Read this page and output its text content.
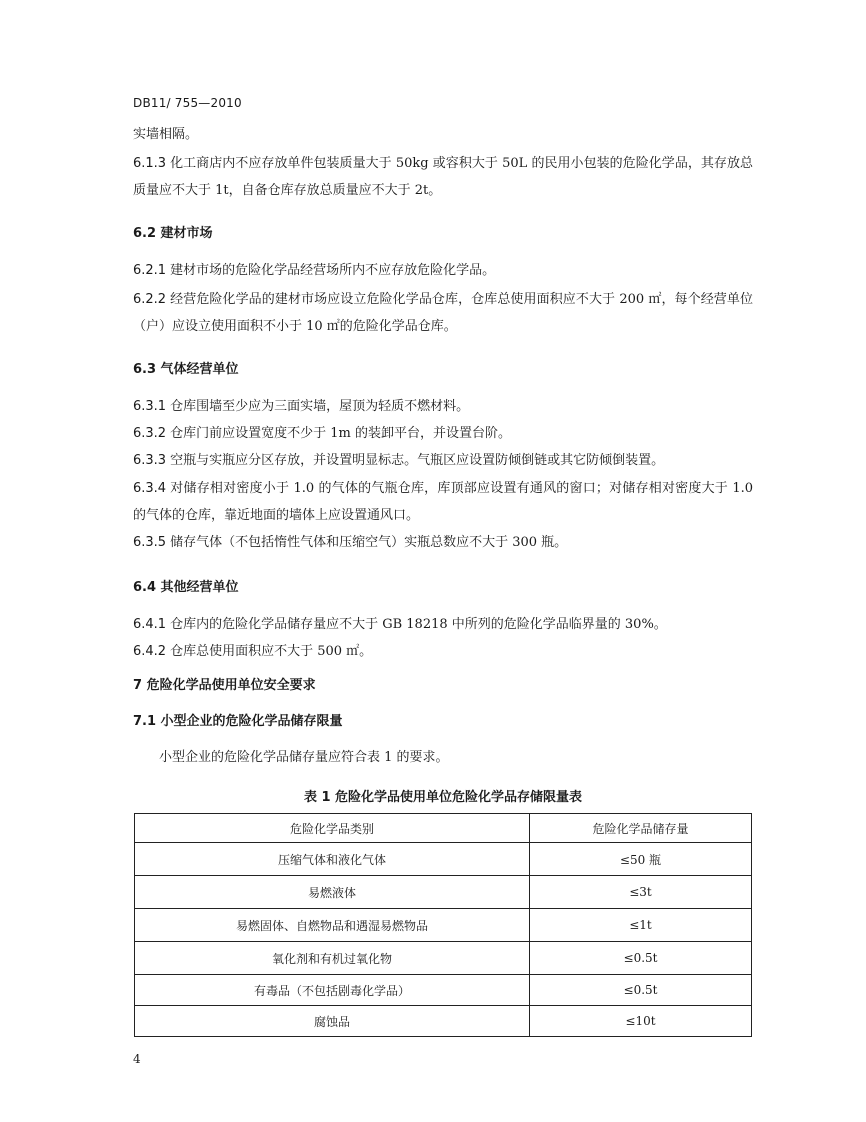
DB11/ 755—2010
实墙相隔。
6.1.3 化工商店内不应存放单件包装质量大于 50kg 或容积大于 50L 的民用小包装的危险化学品，其存放总质量应不大于 1t，自备仓库存放总质量应不大于 2t。
6.2 建材市场
6.2.1 建材市场的危险化学品经营场所内不应存放危险化学品。
6.2.2 经营危险化学品的建材市场应设立危险化学品仓库，仓库总使用面积应不大于 200 ㎡，每个经营单位（户）应设立使用面积不小于 10 ㎡的危险化学品仓库。
6.3 气体经营单位
6.3.1 仓库围墙至少应为三面实墙，屋顶为轻质不燃材料。
6.3.2 仓库门前应设置宽度不少于 1m 的装卸平台，并设置台阶。
6.3.3 空瓶与实瓶应分区存放，并设置明显标志。气瓶区应设置防倾倒链或其它防倾倒装置。
6.3.4 对储存相对密度小于 1.0 的气体的气瓶仓库，库顶部应设置有通风的窗口；对储存相对密度大于 1.0 的气体的仓库，靠近地面的墙体上应设置通风口。
6.3.5 储存气体（不包括惰性气体和压缩空气）实瓶总数应不大于 300 瓶。
6.4 其他经营单位
6.4.1 仓库内的危险化学品储存量应不大于 GB 18218 中所列的危险化学品临界量的 30%。
6.4.2 仓库总使用面积应不大于 500 ㎡。
7 危险化学品使用单位安全要求
7.1 小型企业的危险化学品储存限量
小型企业的危险化学品储存量应符合表 1 的要求。
表 1 危险化学品使用单位危险化学品存储限量表
危险化学品类别	危险化学品储存量
压缩气体和液化气体	≤50 瓶
易燃液体	≤3t
易燃固体、自燃物品和遇湿易燃物品	≤1t
氧化剂和有机过氧化物	≤0.5t
有毒品（不包括剧毒化学品）	≤0.5t
腐蚀品	≤10t
4
